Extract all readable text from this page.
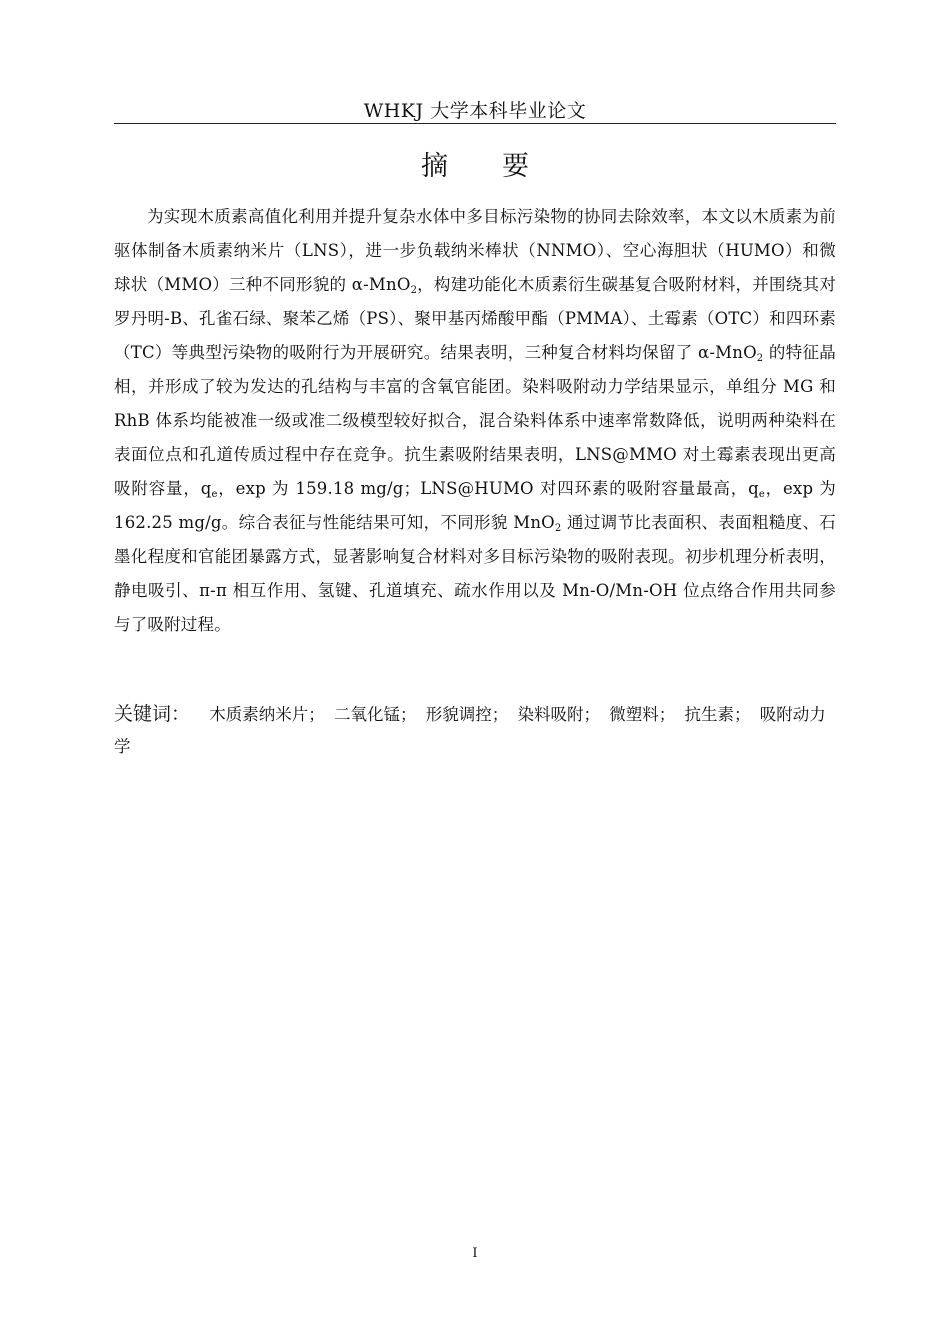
WHKJ 大学本科毕业论文
摘　　要
为实现木质素高值化利用并提升复杂水体中多目标污染物的协同去除效率，本文以木质素为前驱体制备木质素纳米片（LNS），进一步负载纳米棒状（NNMO）、空心海胆状（HUMO）和微球状（MMO）三种不同形貌的 α-MnO$_2$，构建功能化木质素衍生碳基复合吸附材料，并围绕其对罗丹明-B、孔雀石绿、聚苯乙烯（PS）、聚甲基丙烯酸甲酯（PMMA）、土霉素（OTC）和四环素（TC）等典型污染物的吸附行为开展研究。结果表明，三种复合材料均保留了 α-MnO$_2$ 的特征晶相，并形成了较为发达的孔结构与丰富的含氧官能团。染料吸附动力学结果显示，单组分 MG 和 RhB 体系均能被准一级或准二级模型较好拟合，混合染料体系中速率常数降低，说明两种染料在表面位点和孔道传质过程中存在竞争。抗生素吸附结果表明，LNS@MMO 对土霉素表现出更高吸附容量，$q_e$，exp 为 159.18 mg/g；LNS@HUMO 对四环素的吸附容量最高，$q_e$，exp 为 162.25 mg/g。综合表征与性能结果可知，不同形貌 MnO$_2$ 通过调节比表面积、表面粗糙度、石墨化程度和官能团暴露方式，显著影响复合材料对多目标污染物的吸附表现。初步机理分析表明，静电吸引、π-π 相互作用、氢键、孔道填充、疏水作用以及 Mn-O/Mn-OH 位点络合作用共同参与了吸附过程。
关键词： 木质素纳米片； 二氧化锰； 形貌调控； 染料吸附； 微塑料； 抗生素； 吸附动力学
I
